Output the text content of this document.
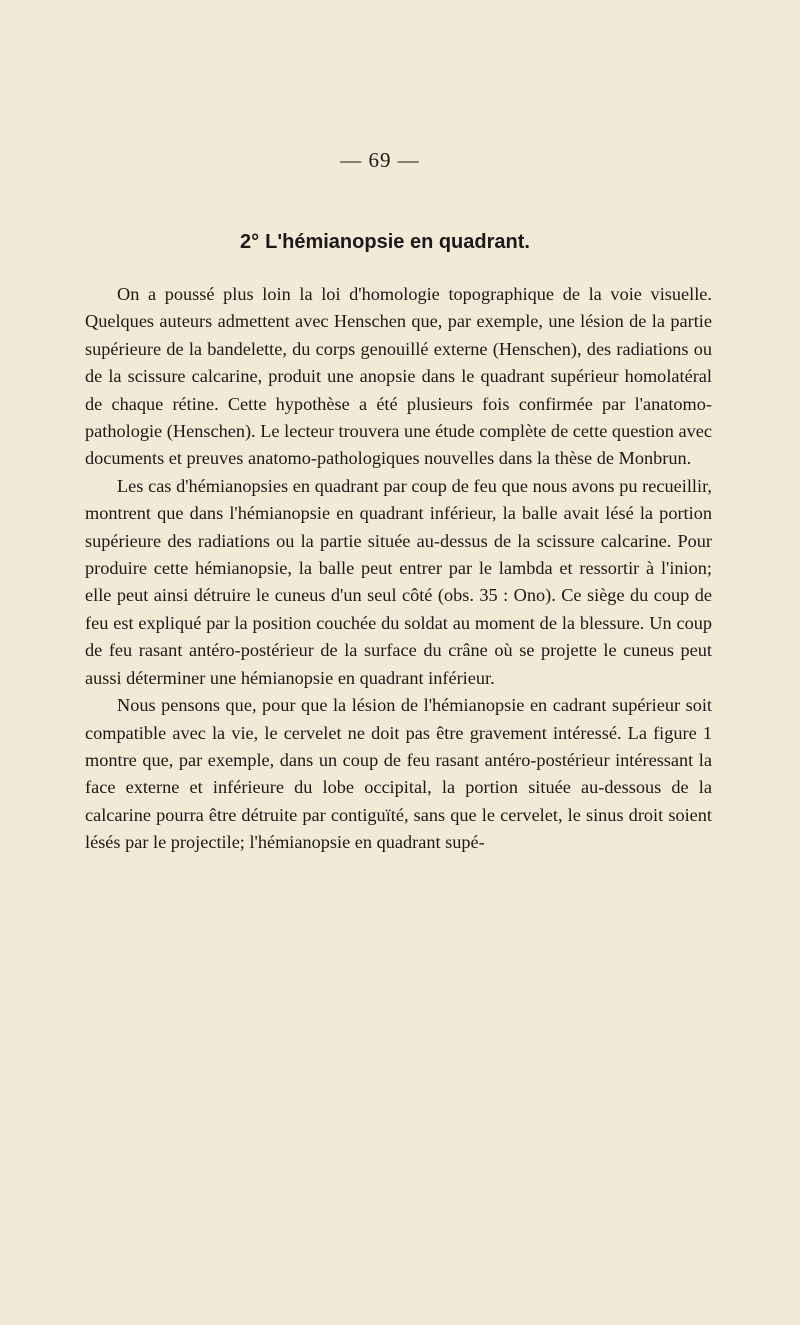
— 69 —
2° L'hémianopsie en quadrant.

On a poussé plus loin la loi d'homologie topographique de la voie visuelle. Quelques auteurs admettent avec Henschen que, par exemple, une lésion de la partie supérieure de la bandelette, du corps genouillé externe (Henschen), des radiations ou de la scissure calcarine, produit une anopsie dans le quadrant supérieur homolatéral de chaque rétine. Cette hypothèse a été plusieurs fois confirmée par l'anatomo-pathologie (Henschen). Le lecteur trouvera une étude complète de cette question avec documents et preuves anatomo-pathologiques nouvelles dans la thèse de Monbrun.

Les cas d'hémianopsies en quadrant par coup de feu que nous avons pu recueillir, montrent que dans l'hémianopsie en quadrant inférieur, la balle avait lésé la portion supérieure des radiations ou la partie située au-dessus de la scissure calcarine. Pour produire cette hémianopsie, la balle peut entrer par le lambda et ressortir à l'inion; elle peut ainsi détruire le cuneus d'un seul côté (obs. 35 : Ono). Ce siège du coup de feu est expliqué par la position couchée du soldat au moment de la blessure. Un coup de feu rasant antéro-postérieur de la surface du crâne où se projette le cuneus peut aussi déterminer une hémianopsie en quadrant inférieur.

Nous pensons que, pour que la lésion de l'hémianopsie en cadrant supérieur soit compatible avec la vie, le cervelet ne doit pas être gravement intéressé. La figure 1 montre que, par exemple, dans un coup de feu rasant antéro-postérieur intéressant la face externe et inférieure du lobe occipital, la portion située au-dessous de la calcarine pourra être détruite par contiguïté, sans que le cervelet, le sinus droit soient lésés par le projectile; l'hémianopsie en quadrant supé-
